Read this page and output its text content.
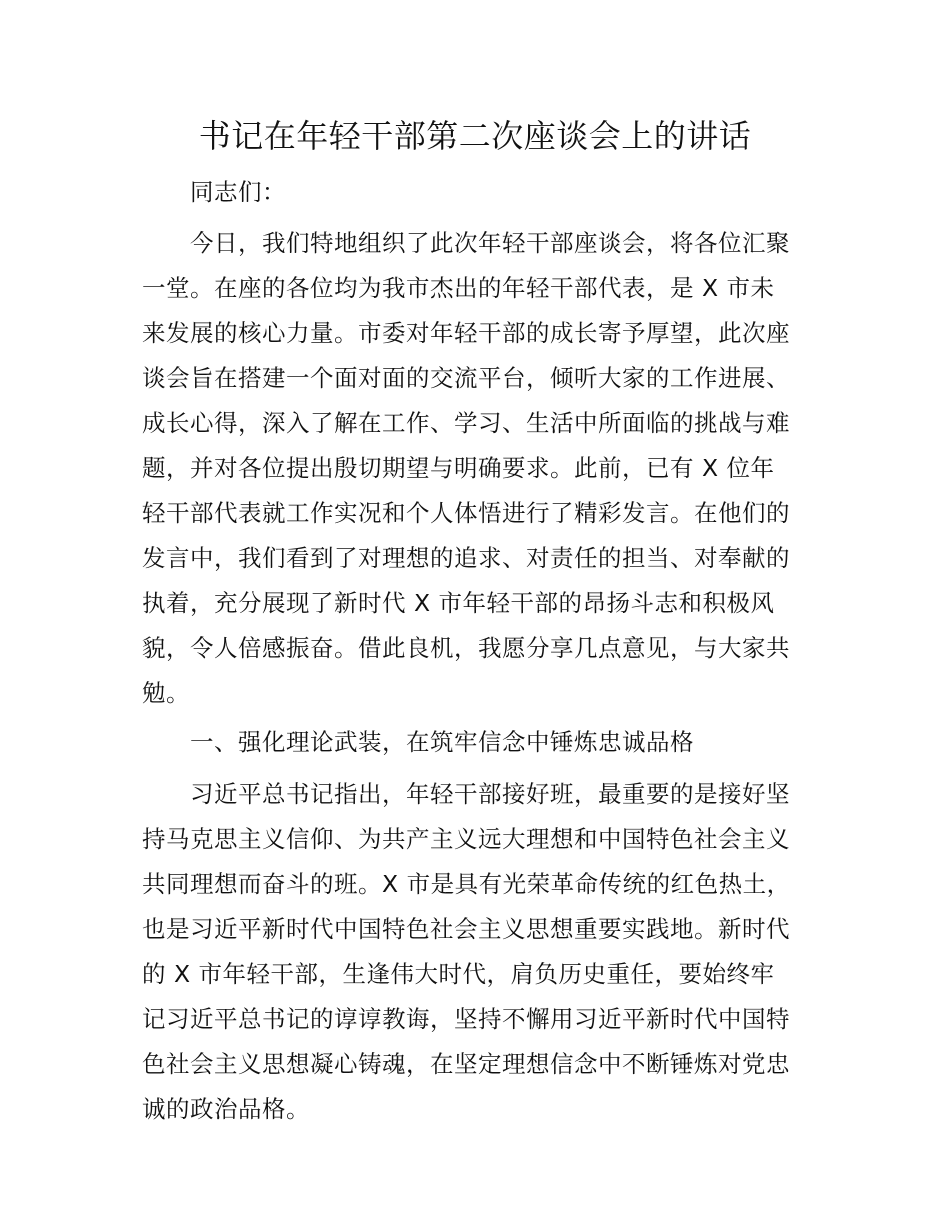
书记在年轻干部第二次座谈会上的讲话

同志们：

今日，我们特地组织了此次年轻干部座谈会，将各位汇聚

一堂。在座的各位均为我市杰出的年轻干部代表，是 X 市未

来发展的核心力量。市委对年轻干部的成长寄予厚望，此次座

谈会旨在搭建一个面对面的交流平台，倾听大家的工作进展、

成长心得，深入了解在工作、学习、生活中所面临的挑战与难

题，并对各位提出殷切期望与明确要求。此前，已有 X 位年

轻干部代表就工作实况和个人体悟进行了精彩发言。在他们的

发言中，我们看到了对理想的追求、对责任的担当、对奉献的

执着，充分展现了新时代 X 市年轻干部的昂扬斗志和积极风

貌，令人倍感振奋。借此良机，我愿分享几点意见，与大家共

勉。

一、强化理论武装，在筑牢信念中锤炼忠诚品格

习近平总书记指出，年轻干部接好班，最重要的是接好坚

持马克思主义信仰、为共产主义远大理想和中国特色社会主义

共同理想而奋斗的班。X 市是具有光荣革命传统的红色热土，

也是习近平新时代中国特色社会主义思想重要实践地。新时代

的 X 市年轻干部，生逢伟大时代，肩负历史重任，要始终牢

记习近平总书记的谆谆教诲，坚持不懈用习近平新时代中国特

色社会主义思想凝心铸魂，在坚定理想信念中不断锤炼对党忠

诚的政治品格。
